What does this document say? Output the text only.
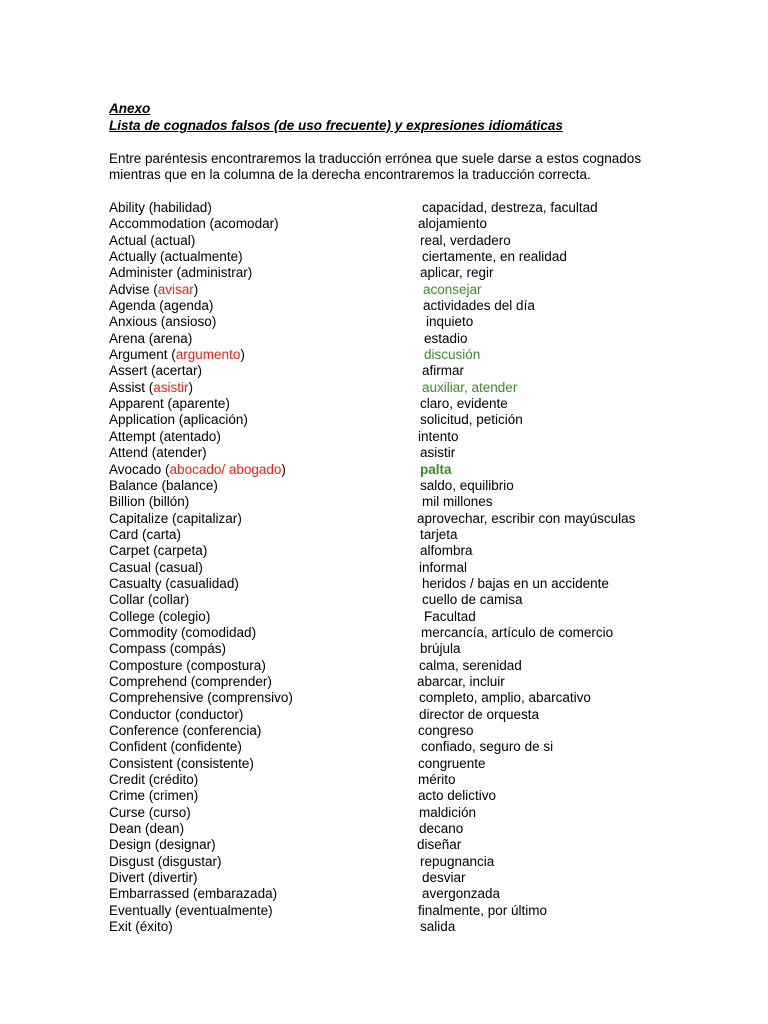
Anexo
Lista de cognados falsos (de uso frecuente) y expresiones idiomáticas
Entre paréntesis encontraremos la traducción errónea que suele darse a estos cognados
mientras que en la columna de la derecha encontraremos la traducción correcta.
Ability (habilidad)	capacidad, destreza, facultad
Accommodation (acomodar)	alojamiento
Actual (actual)	real, verdadero
Actually (actualmente)	ciertamente, en realidad
Administer (administrar)	aplicar, regir
Advise (avisar)	aconsejar
Agenda (agenda)	actividades del día
Anxious (ansioso)	inquieto
Arena (arena)	estadio
Argument (argumento)	discusión
Assert (acertar)	afirmar
Assist (asistir)	auxiliar, atender
Apparent (aparente)	claro, evidente
Application (aplicación)	solicitud, petición
Attempt (atentado)	intento
Attend (atender)	asistir
Avocado (abocado/ abogado)	palta
Balance (balance)	saldo, equilibrio
Billion (billón)	mil millones
Capitalize (capitalizar)	aprovechar, escribir con mayúsculas
Card (carta)	tarjeta
Carpet (carpeta)	alfombra
Casual (casual)	informal
Casualty (casualidad)	heridos / bajas en un accidente
Collar (collar)	cuello de camisa
College (colegio)	Facultad
Commodity (comodidad)	mercancía, artículo de comercio
Compass (compás)	brújula
Composture (compostura)	calma, serenidad
Comprehend (comprender)	abarcar, incluir
Comprehensive (comprensivo)	completo, amplio, abarcativo
Conductor (conductor)	director de orquesta
Conference (conferencia)	congreso
Confident (confidente)	confiado, seguro de si
Consistent (consistente)	congruente
Credit (crédito)	mérito
Crime (crimen)	acto delictivo
Curse (curso)	maldición
Dean (dean)	decano
Design (designar)	diseñar
Disgust (disgustar)	repugnancia
Divert (divertir)	desviar
Embarrassed (embarazada)	avergonzada
Eventually (eventualmente)	finalmente, por último
Exit (éxito)	salida
